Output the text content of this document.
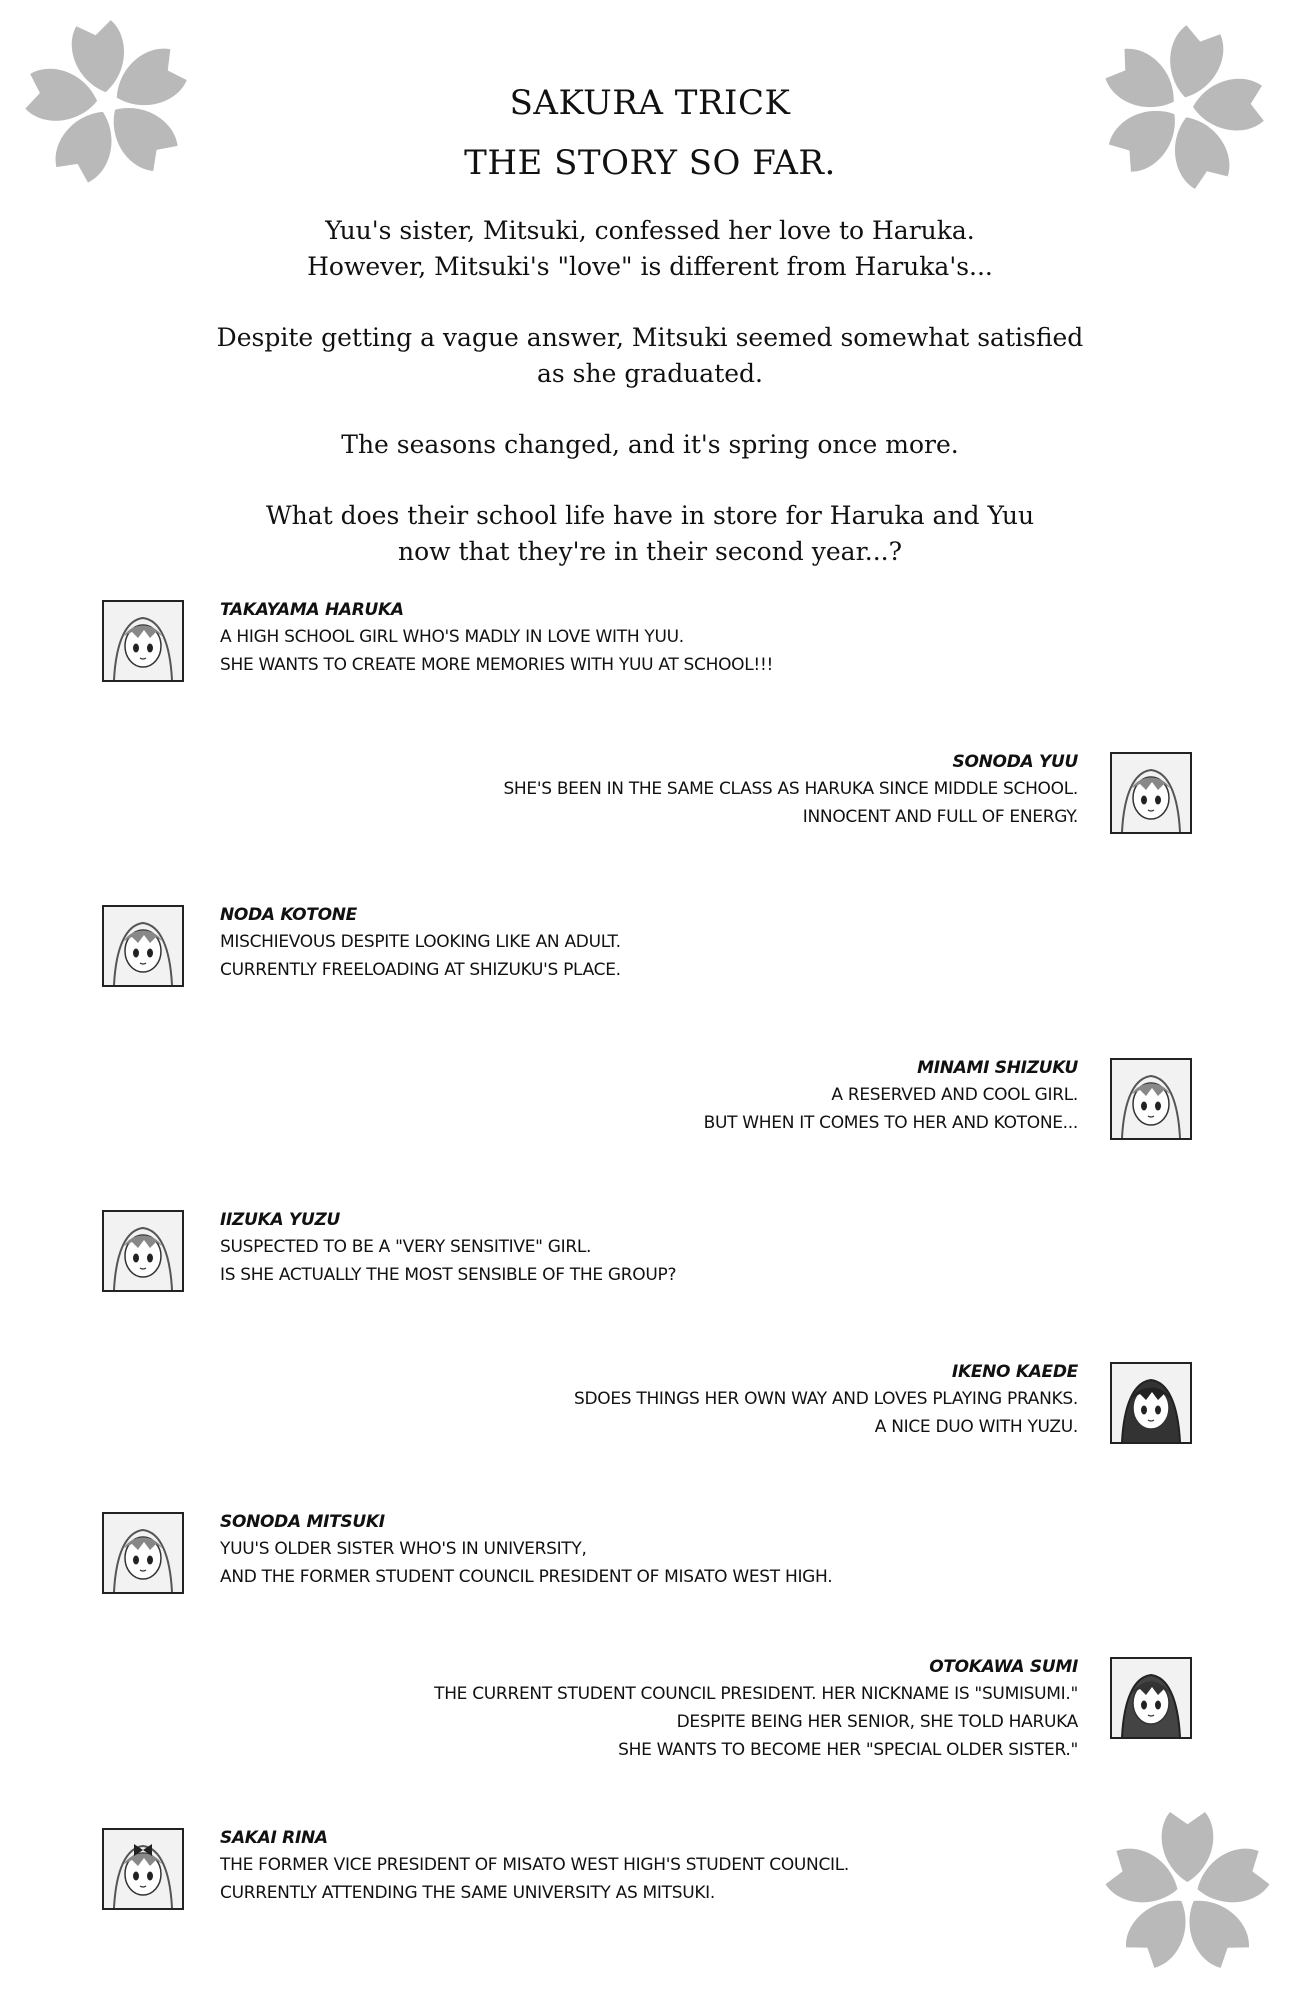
SAKURA TRICK
THE STORY SO FAR.
Yuu's sister, Mitsuki, confessed her love to Haruka.
However, Mitsuki's "love" is different from Haruka's...
Despite getting a vague answer, Mitsuki seemed somewhat satisfied
as she graduated.
The seasons changed, and it's spring once more.
What does their school life have in store for Haruka and Yuu
now that they're in their second year...?
TAKAYAMA HARUKA
A HIGH SCHOOL GIRL WHO'S MADLY IN LOVE WITH YUU.
SHE WANTS TO CREATE MORE MEMORIES WITH YUU AT SCHOOL!!!
SONODA YUU
SHE'S BEEN IN THE SAME CLASS AS HARUKA SINCE MIDDLE SCHOOL.
INNOCENT AND FULL OF ENERGY.
NODA KOTONE
MISCHIEVOUS DESPITE LOOKING LIKE AN ADULT.
CURRENTLY FREELOADING AT SHIZUKU'S PLACE.
MINAMI SHIZUKU
A RESERVED AND COOL GIRL.
BUT WHEN IT COMES TO HER AND KOTONE...
IIZUKA YUZU
SUSPECTED TO BE A "VERY SENSITIVE" GIRL.
IS SHE ACTUALLY THE MOST SENSIBLE OF THE GROUP?
IKENO KAEDE
SDOES THINGS HER OWN WAY AND LOVES PLAYING PRANKS.
A NICE DUO WITH YUZU.
SONODA MITSUKI
YUU'S OLDER SISTER WHO'S IN UNIVERSITY,
AND THE FORMER STUDENT COUNCIL PRESIDENT OF MISATO WEST HIGH.
OTOKAWA SUMI
THE CURRENT STUDENT COUNCIL PRESIDENT. HER NICKNAME IS "SUMISUMI."
DESPITE BEING HER SENIOR, SHE TOLD HARUKA
SHE WANTS TO BECOME HER "SPECIAL OLDER SISTER."
SAKAI RINA
THE FORMER VICE PRESIDENT OF MISATO WEST HIGH'S STUDENT COUNCIL.
CURRENTLY ATTENDING THE SAME UNIVERSITY AS MITSUKI.
